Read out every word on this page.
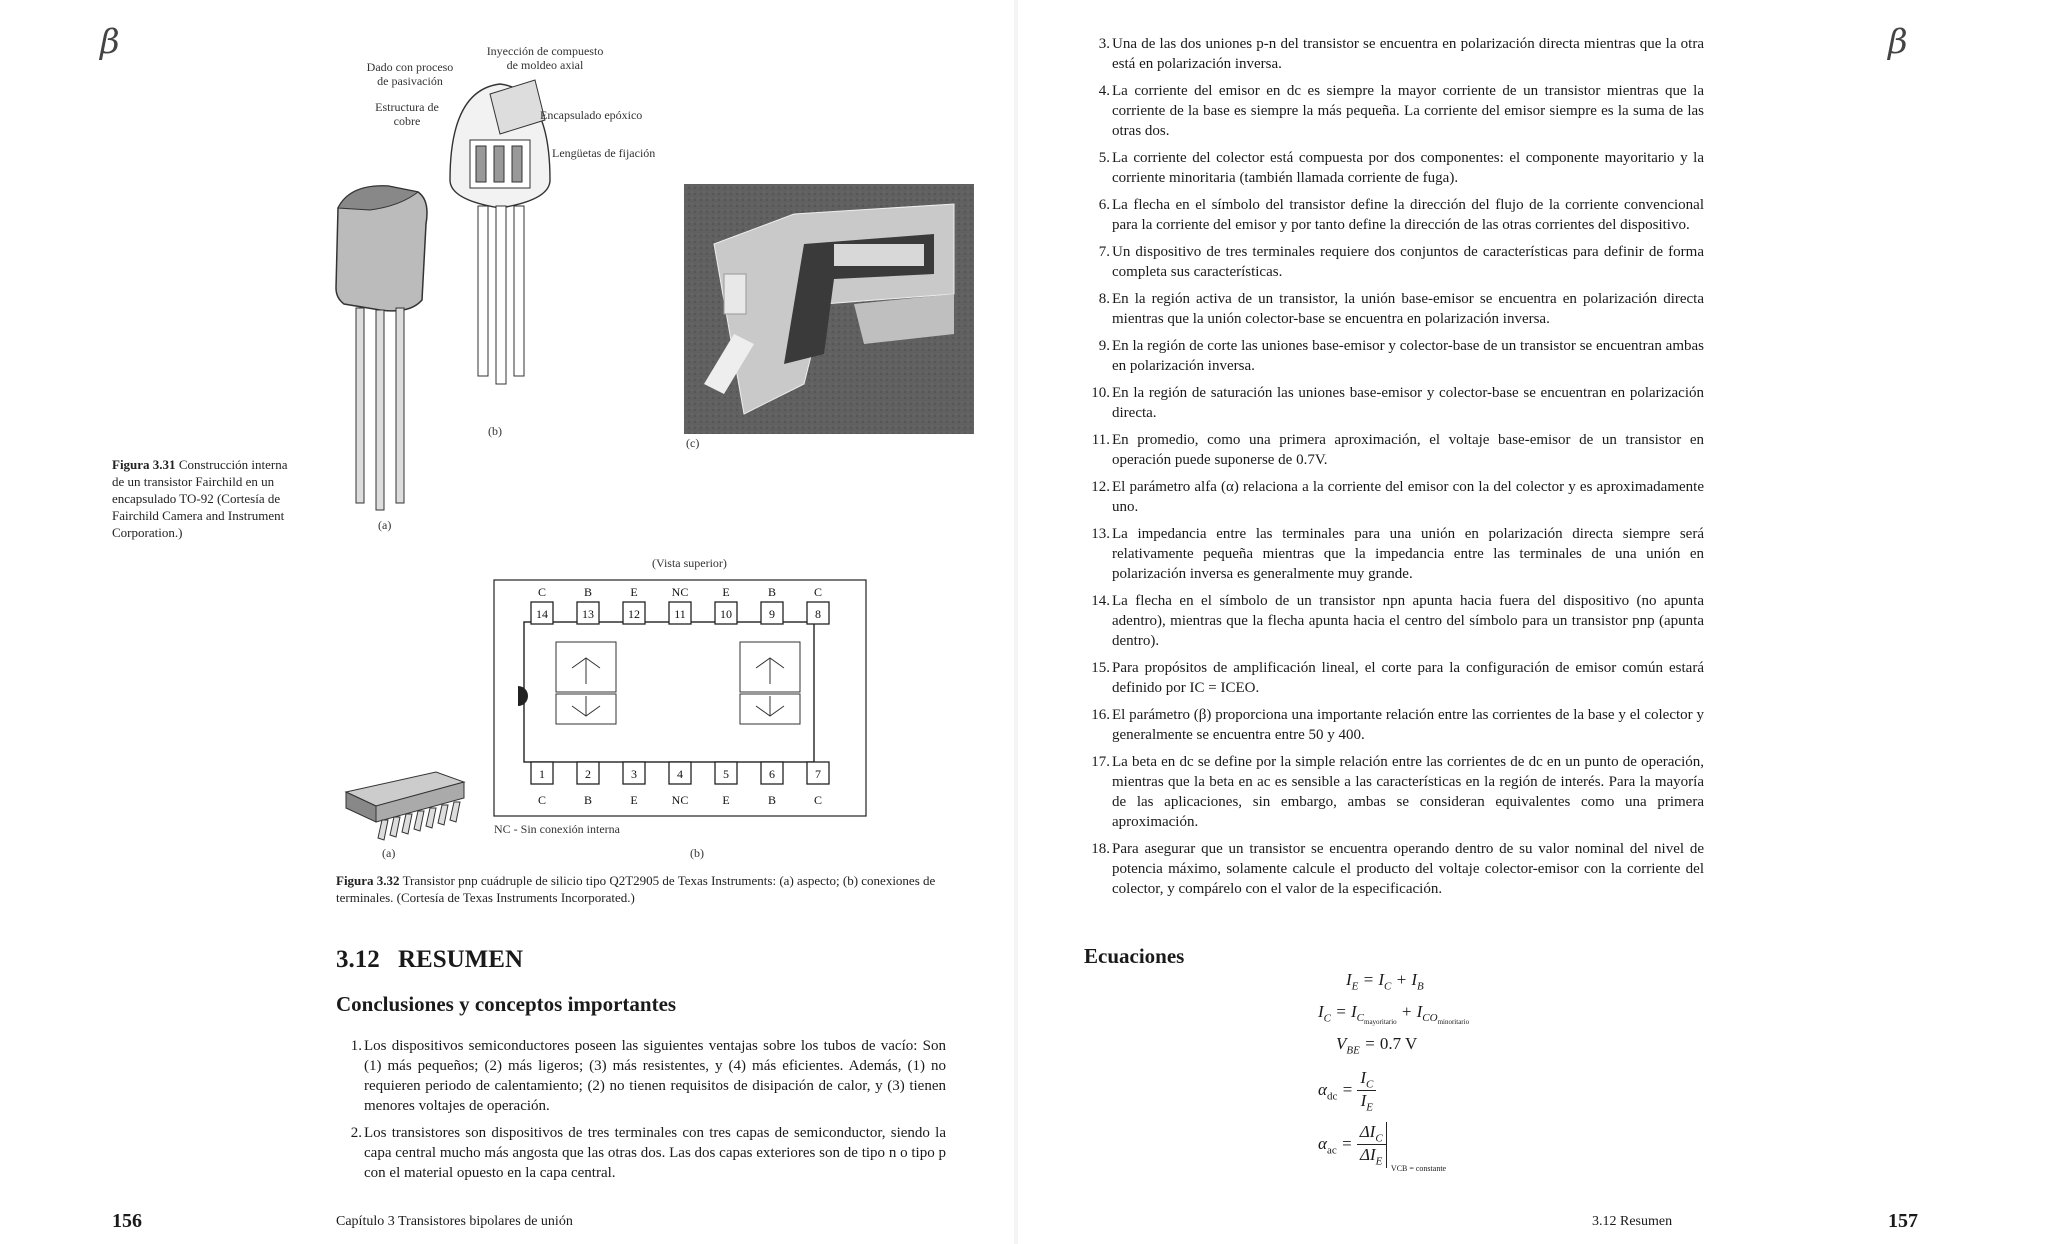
β
(a)
Inyección de compuesto de moldeo axial
Dado con proceso de pasivación
Estructura de cobre	Encapsulado epóxico
Lengüetas de fijación
(b)
(c)
Figura 3.31 Construcción interna de un transistor Fairchild en un encapsulado TO-92 (Cortesía de Fairchild Camera and Instrument Corporation.)
(a)
(Vista superior)
C
14
1
C
B
13
2
B
E
12
3
E
NC
11
4
NC
E
10
5
E
B
9
6
B
C
8
7
C
NC - Sin conexión interna
(b)
Figura 3.32 Transistor pnp cuádruple de silicio tipo Q2T2905 de Texas Instruments: (a) aspecto; (b) conexiones de terminales. (Cortesía de Texas Instruments Incorporated.)
3.12 RESUMEN
Conclusiones y conceptos importantes
1. Los dispositivos semiconductores poseen las siguientes ventajas sobre los tubos de vacío: Son (1) más pequeños; (2) más ligeros; (3) más resistentes, y (4) más eficientes. Además, (1) no requieren periodo de calentamiento; (2) no tienen requisitos de disipación de calor, y (3) tienen menores voltajes de operación.
2. Los transistores son dispositivos de tres terminales con tres capas de semiconductor, siendo la capa central mucho más angosta que las otras dos. Las dos capas exteriores son de tipo n o tipo p con el material opuesto en la capa central.
156	Capítulo 3 Transistores bipolares de unión
β
3. Una de las dos uniones p-n del transistor se encuentra en polarización directa mientras que la otra está en polarización inversa.
4. La corriente del emisor en dc es siempre la mayor corriente de un transistor mientras que la corriente de la base es siempre la más pequeña. La corriente del emisor siempre es la suma de las otras dos.
5. La corriente del colector está compuesta por dos componentes: el componente mayoritario y la corriente minoritaria (también llamada corriente de fuga).
6. La flecha en el símbolo del transistor define la dirección del flujo de la corriente convencional para la corriente del emisor y por tanto define la dirección de las otras corrientes del dispositivo.
7. Un dispositivo de tres terminales requiere dos conjuntos de características para definir de forma completa sus características.
8. En la región activa de un transistor, la unión base-emisor se encuentra en polarización directa mientras que la unión colector-base se encuentra en polarización inversa.
9. En la región de corte las uniones base-emisor y colector-base de un transistor se encuentran ambas en polarización inversa.
10. En la región de saturación las uniones base-emisor y colector-base se encuentran en polarización directa.
11. En promedio, como una primera aproximación, el voltaje base-emisor de un transistor en operación puede suponerse de 0.7V.
12. El parámetro alfa (α) relaciona a la corriente del emisor con la del colector y es aproximadamente uno.
13. La impedancia entre las terminales para una unión en polarización directa siempre será relativamente pequeña mientras que la impedancia entre las terminales de una unión en polarización inversa es generalmente muy grande.
14. La flecha en el símbolo de un transistor npn apunta hacia fuera del dispositivo (no apunta adentro), mientras que la flecha apunta hacia el centro del símbolo para un transistor pnp (apunta dentro).
15. Para propósitos de amplificación lineal, el corte para la configuración de emisor común estará definido por IC = ICEO.
16. El parámetro (β) proporciona una importante relación entre las corrientes de la base y el colector y generalmente se encuentra entre 50 y 400.
17. La beta en dc se define por la simple relación entre las corrientes de dc en un punto de operación, mientras que la beta en ac es sensible a las características en la región de interés. Para la mayoría de las aplicaciones, sin embargo, ambas se consideran equivalentes como una primera aproximación.
18. Para asegurar que un transistor se encuentra operando dentro de su valor nominal del nivel de potencia máximo, solamente calcule el producto del voltaje colector-emisor con la corriente del colector, y compárelo con el valor de la especificación.
Ecuaciones
$I_E = I_C + I_B$
$I_C = I_{C_{mayoritario}} + I_{CO_{minoritario}}$
$V_{BE} = 0.7$ V
$\alpha_{dc} = \frac{I_C}{I_E}$
$\alpha_{ac}$ =
$\Delta I_C$
$\Delta I_E$
$_{VCB = constante}$
3.12 Resumen	157
